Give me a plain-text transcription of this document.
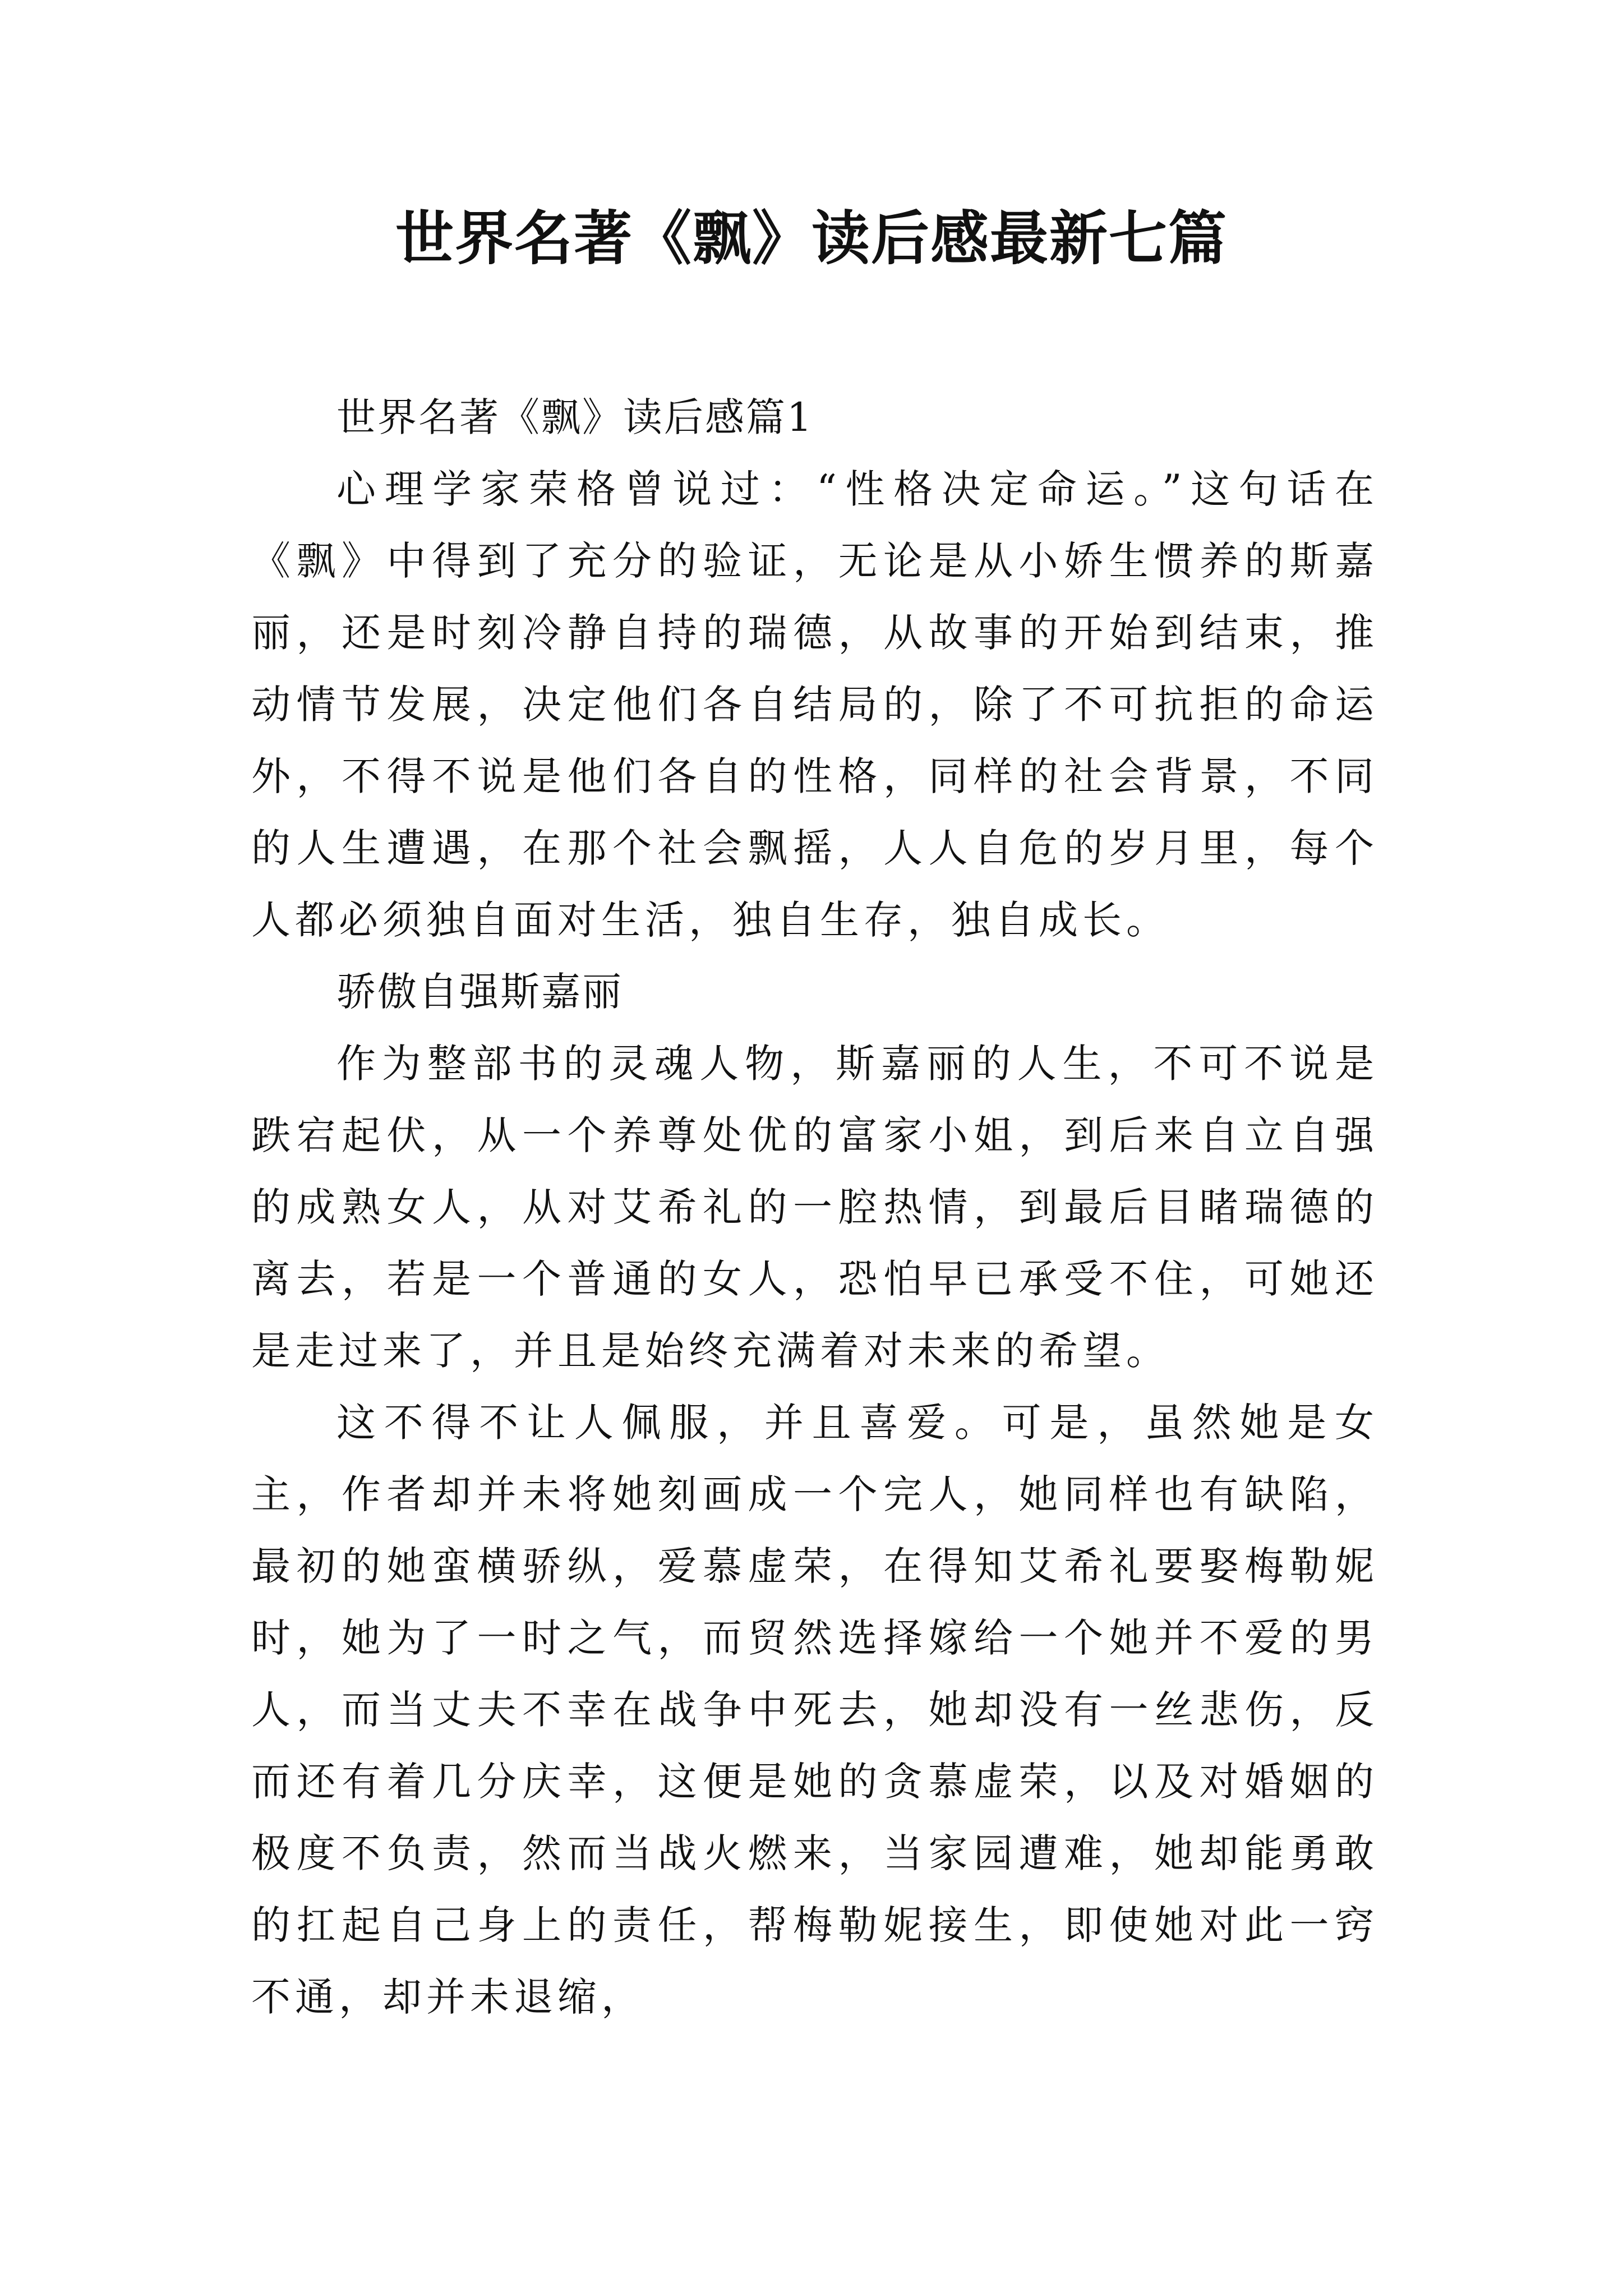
世界名著《飘》读后感最新七篇

世界名著《飘》读后感篇1

心理学家荣格曾说过：“性格决定命运。”这句话在《飘》中得到了充分的验证，无论是从小娇生惯养的斯嘉丽，还是时刻冷静自持的瑞德，从故事的开始到结束，推动情节发展，决定他们各自结局的，除了不可抗拒的命运外，不得不说是他们各自的性格，同样的社会背景，不同的人生遭遇，在那个社会飘摇，人人自危的岁月里，每个人都必须独自面对生活，独自生存，独自成长。

骄傲自强斯嘉丽

作为整部书的灵魂人物，斯嘉丽的人生，不可不说是跌宕起伏，从一个养尊处优的富家小姐，到后来自立自强的成熟女人，从对艾希礼的一腔热情，到最后目睹瑞德的离去，若是一个普通的女人，恐怕早已承受不住，可她还是走过来了，并且是始终充满着对未来的希望。

这不得不让人佩服，并且喜爱。可是，虽然她是女主，作者却并未将她刻画成一个完人，她同样也有缺陷，最初的她蛮横骄纵，爱慕虚荣，在得知艾希礼要娶梅勒妮时，她为了一时之气，而贸然选择嫁给一个她并不爱的男人，而当丈夫不幸在战争中死去，她却没有一丝悲伤，反而还有着几分庆幸，这便是她的贪慕虚荣，以及对婚姻的极度不负责，然而当战火燃来，当家园遭难，她却能勇敢的扛起自己身上的责任，帮梅勒妮接生，即使她对此一窍不通，却并未退缩，
